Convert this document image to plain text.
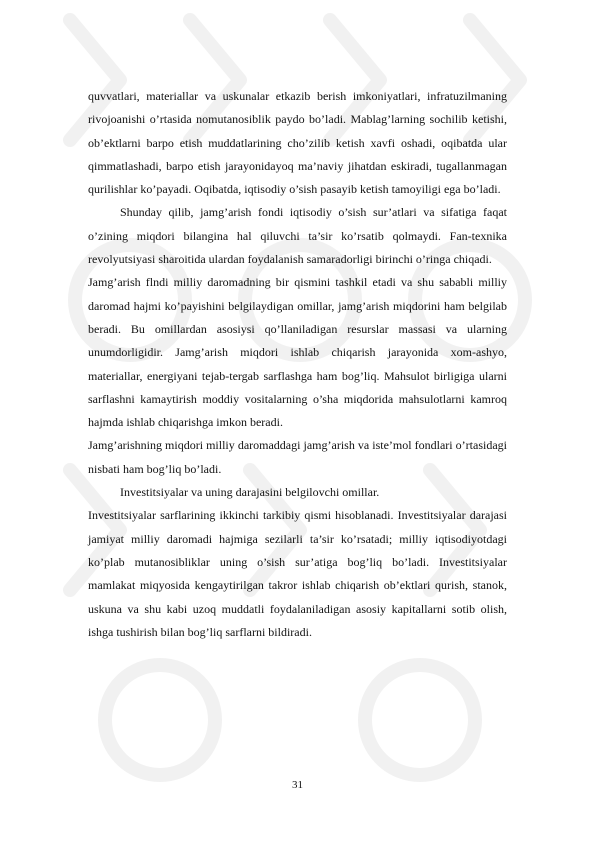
quvvatlari, materiallar va uskunalar etkazib berish imkoniyatlari, infratuzilmaning rivojoanishi o’rtasida nomutanosiblik paydo bo’ladi. Mablag’larning sochilib ketishi, ob’ektlarni barpo etish muddatlarining cho’zilib ketish xavfi oshadi, oqibatda ular qimmatlashadi, barpo etish jarayonidayoq ma’naviy jihatdan eskiradi, tugallanmagan qurilishlar ko’payadi. Oqibatda, iqtisodiy o’sish pasayib ketish tamoyiligi ega bo’ladi.

Shunday qilib, jamg’arish fondi iqtisodiy o’sish sur’atlari va sifatiga faqat o’zining miqdori bilangina hal qiluvchi ta’sir ko’rsatib qolmaydi. Fan-texnika revolyutsiyasi sharoitida ulardan foydalanish samaradorligi birinchi o’ringa chiqadi.

Jamg’arish flndi milliy daromadning bir qismini tashkil etadi va shu sababli milliy daromad hajmi ko’payishini belgilaydigan omillar, jamg’arish miqdorini ham belgilab beradi. Bu omillardan asosiysi qo’llaniladigan resurslar massasi va ularning unumdorligidir. Jamg’arish miqdori ishlab chiqarish jarayonida xom-ashyo, materiallar, energiyani tejab-tergab sarflashga ham bog’liq. Mahsulot birligiga ularni sarflashni kamaytirish moddiy vositalarning o’sha miqdorida mahsulotlarni kamroq hajmda ishlab chiqarishga imkon beradi.

Jamg’arishning miqdori milliy daromaddagi jamg’arish va iste’mol fondlari o’rtasidagi nisbati ham bog’liq bo’ladi.

Investitsiyalar va uning darajasini belgilovchi omillar.

Investitsiyalar sarflarining ikkinchi tarkibiy qismi hisoblanadi. Investitsiyalar darajasi jamiyat milliy daromadi hajmiga sezilarli ta’sir ko’rsatadi; milliy iqtisodiyotdagi ko’plab mutanosibliklar uning o’sish sur’atiga bog’liq bo’ladi. Investitsiyalar mamlakat miqyosida kengaytirilgan takror ishlab chiqarish ob’ektlari qurish, stanok, uskuna va shu kabi uzoq muddatli foydalaniladigan asosiy kapitallarni sotib olish, ishga tushirish bilan bog’liq sarflarni bildiradi.

31
